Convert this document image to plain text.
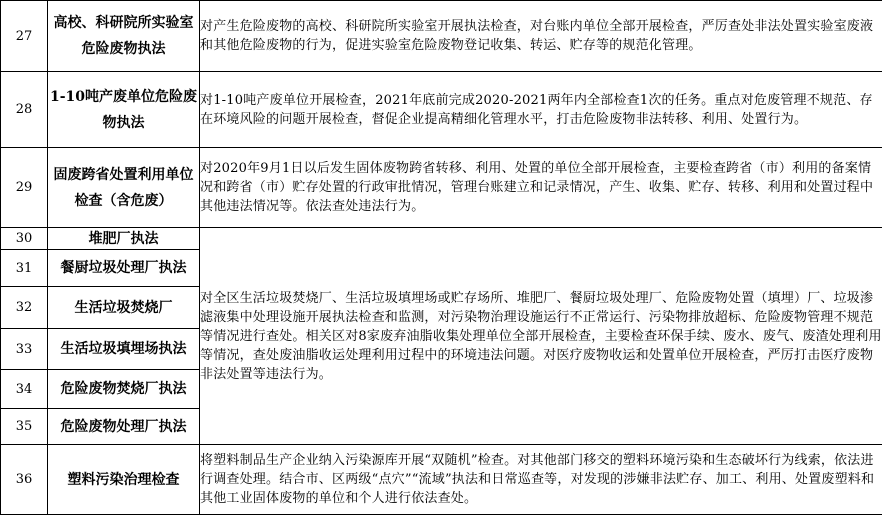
27	高校、科研院所实验室危险废物执法	对产生危险废物的高校、科研院所实验室开展执法检查，对台账内单位全部开展检查，严厉查处非法处置实验室废液和其他危险废物的行为，促进实验室危险废物登记收集、转运、贮存等的规范化管理。
28	1-10吨产废单位危险废物执法	对1-10吨产废单位开展检查，2021年底前完成2020-2021两年内全部检查1次的任务。重点对危废管理不规范、存在环境风险的问题开展检查，督促企业提高精细化管理水平，打击危险废物非法转移、利用、处置行为。
29	固废跨省处置利用单位检查（含危废）	对2020年9月1日以后发生固体废物跨省转移、利用、处置的单位全部开展检查，主要检查跨省（市）利用的备案情况和跨省（市）贮存处置的行政审批情况，管理台账建立和记录情况，产生、收集、贮存、转移、利用和处置过程中其他违法情况等。依法查处违法行为。
30	堆肥厂执法	对全区生活垃圾焚烧厂、生活垃圾填埋场或贮存场所、堆肥厂、餐厨垃圾处理厂、危险废物处置（填埋）厂、垃圾渗滤液集中处理设施开展执法检查和监测，对污染物治理设施运行不正常运行、污染物排放超标、危险废物管理不规范等情况进行查处。相关区对8家废弃油脂收集处理单位全部开展检查，主要检查环保手续、废水、废气、废渣处理利用等情况，查处废油脂收运处理利用过程中的环境违法问题。对医疗废物收运和处置单位开展检查，严厉打击医疗废物非法处置等违法行为。
31	餐厨垃圾处理厂执法	
32	生活垃圾焚烧厂	
33	生活垃圾填埋场执法	
34	危险废物焚烧厂执法	
35	危险废物处理厂执法	
36	塑料污染治理检查	将塑料制品生产企业纳入污染源库开展“双随机”检查。对其他部门移交的塑料环境污染和生态破坏行为线索，依法进行调查处理。结合市、区两级“点穴”“流域”执法和日常巡查等，对发现的涉嫌非法贮存、加工、利用、处置废塑料和其他工业固体废物的单位和个人进行依法查处。
